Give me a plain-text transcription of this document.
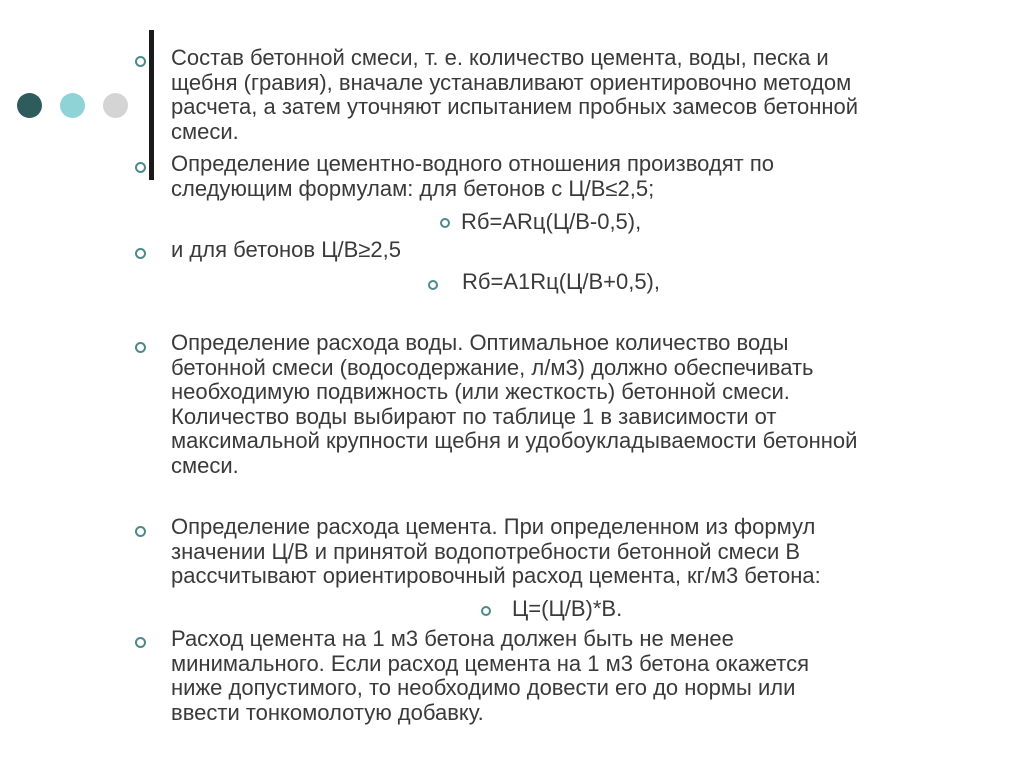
Состав бетонной смеси, т. е. количество цемента, воды, песка и
щебня (гравия), вначале устанавливают ориентировочно методом
расчета, а затем уточняют испытанием пробных замесов бетонной
смеси.
Определение цементно-водного отношения производят по
следующим формулам: для бетонов с Ц/В≤2,5;
Rб=ARц(Ц/В-0,5),
и для бетонов Ц/В≥2,5
Rб=A1Rц(Ц/В+0,5),
Определение расхода воды. Оптимальное количество воды
бетонной смеси (водосодержание, л/м3) должно обеспечивать
необходимую подвижность (или жесткость) бетонной смеси.
Количество воды выбирают по таблице 1 в зависимости от
максимальной крупности щебня и удобоукладываемости бетонной
смеси.
Определение расхода цемента. При определенном из формул
значении Ц/В и принятой водопотребности бетонной смеси В
рассчитывают ориентировочный расход цемента, кг/м3 бетона:
Ц=(Ц/В)*В.
Расход цемента на 1 м3 бетона должен быть не менее
минимального. Если расход цемента на 1 м3 бетона окажется
ниже допустимого, то необходимо довести его до нормы или
ввести тонкомолотую добавку.
